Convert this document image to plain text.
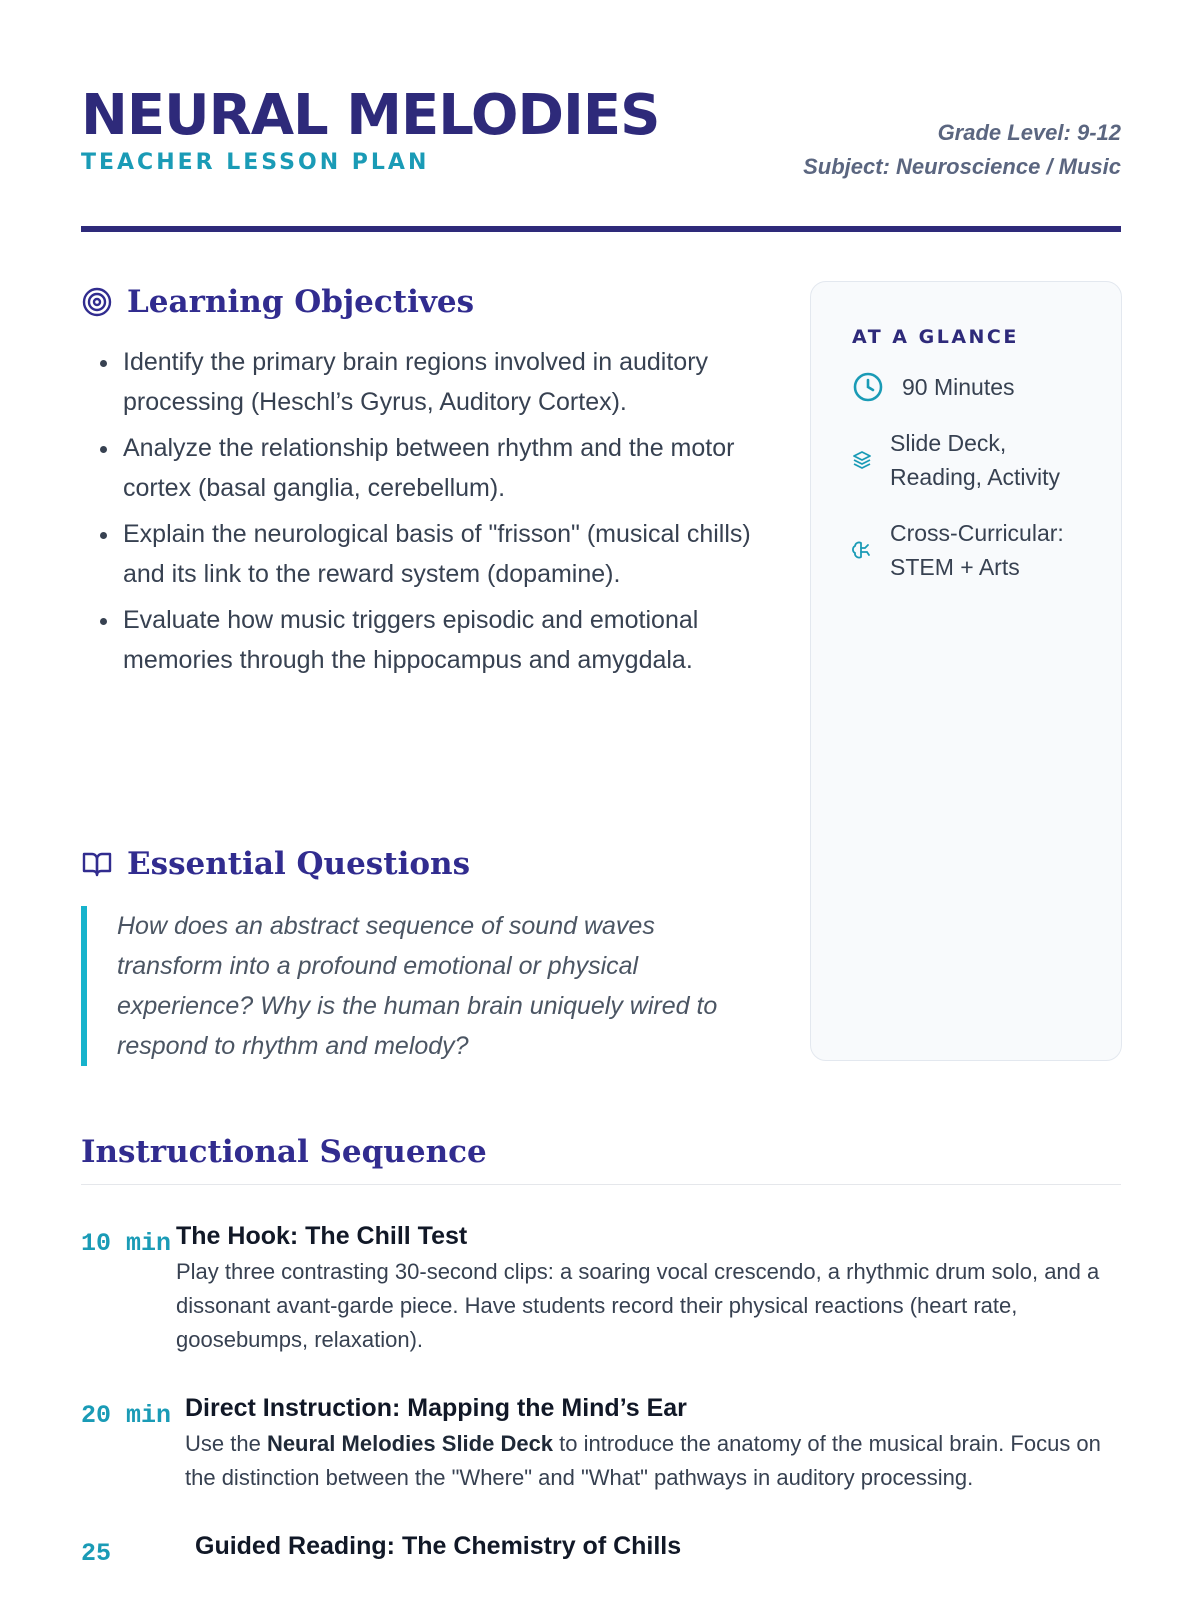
NEURAL MELODIES
TEACHER LESSON PLAN
Grade Level: 9-12
Subject: Neuroscience / Music
Learning Objectives
• Identify the primary brain regions involved in auditory processing (Heschl’s Gyrus, Auditory Cortex).
• Analyze the relationship between rhythm and the motor cortex (basal ganglia, cerebellum).
• Explain the neurological basis of "frisson" (musical chills) and its link to the reward system (dopamine).
• Evaluate how music triggers episodic and emotional memories through the hippocampus and amygdala.
Essential Questions
How does an abstract sequence of sound waves transform into a profound emotional or physical experience? Why is the human brain uniquely wired to respond to rhythm and melody?
AT A GLANCE
90 Minutes
Slide Deck, Reading, Activity
Cross-Curricular: STEM + Arts
Instructional Sequence
10 min The Hook: The Chill Test
Play three contrasting 30-second clips: a soaring vocal crescendo, a rhythmic drum solo, and a dissonant avant-garde piece. Have students record their physical reactions (heart rate, goosebumps, relaxation).
20 min Direct Instruction: Mapping the Mind’s Ear
Use the Neural Melodies Slide Deck to introduce the anatomy of the musical brain. Focus on the distinction between the "Where" and "What" pathways in auditory processing.
25	Guided Reading: The Chemistry of Chills
